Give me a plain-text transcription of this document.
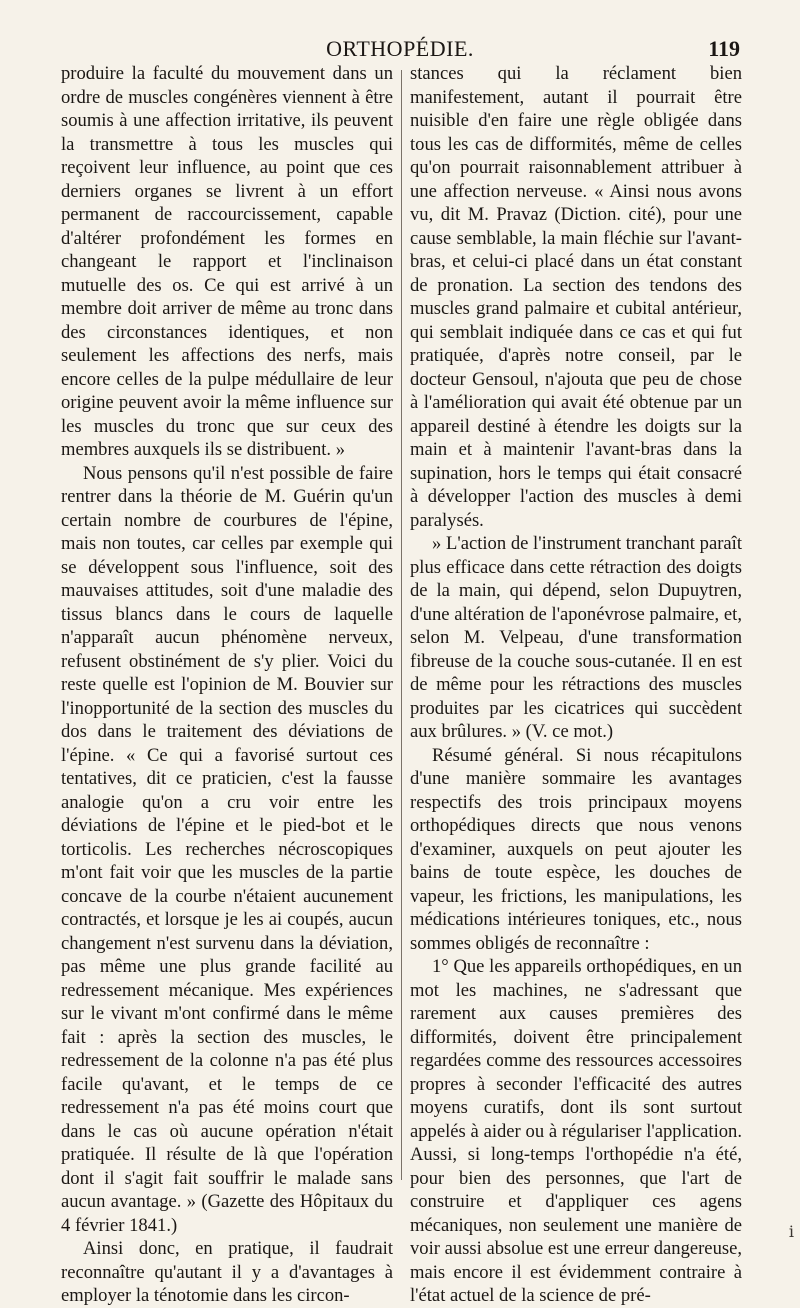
ORTHOPÉDIE.	119

produire la faculté du mouvement dans un ordre de muscles congénères viennent à être soumis à une affection irritative, ils peuvent la transmettre à tous les muscles qui reçoivent leur influence, au point que ces derniers organes se livrent à un effort permanent de raccourcissement, capable d'altérer profondément les formes en changeant le rapport et l'inclinaison mutuelle des os. Ce qui est arrivé à un membre doit arriver de même au tronc dans des circonstances identiques, et non seulement les affections des nerfs, mais encore celles de la pulpe médullaire de leur origine peuvent avoir la même influence sur les muscles du tronc que sur ceux des membres auxquels ils se distribuent. »

Nous pensons qu'il n'est possible de faire rentrer dans la théorie de M. Guérin qu'un certain nombre de courbures de l'épine, mais non toutes, car celles par exemple qui se développent sous l'influence, soit des mauvaises attitudes, soit d'une maladie des tissus blancs dans le cours de laquelle n'apparaît aucun phénomène nerveux, refusent obstinément de s'y plier. Voici du reste quelle est l'opinion de M. Bouvier sur l'inopportunité de la section des muscles du dos dans le traitement des déviations de l'épine. « Ce qui a favorisé surtout ces tentatives, dit ce praticien, c'est la fausse analogie qu'on a cru voir entre les déviations de l'épine et le pied-bot et le torticolis. Les recherches nécroscopiques m'ont fait voir que les muscles de la partie concave de la courbe n'étaient aucunement contractés, et lorsque je les ai coupés, aucun changement n'est survenu dans la déviation, pas même une plus grande facilité au redressement mécanique. Mes expériences sur le vivant m'ont confirmé dans le même fait : après la section des muscles, le redressement de la colonne n'a pas été plus facile qu'avant, et le temps de ce redressement n'a pas été moins court que dans le cas où aucune opération n'était pratiquée. Il résulte de là que l'opération dont il s'agit fait souffrir le malade sans aucun avantage. » (Gazette des Hôpitaux du 4 février 1841.)

Ainsi donc, en pratique, il faudrait reconnaître qu'autant il y a d'avantages à employer la ténotomie dans les circon-

stances qui la réclament bien manifestement, autant il pourrait être nuisible d'en faire une règle obligée dans tous les cas de difformités, même de celles qu'on pourrait raisonnablement attribuer à une affection nerveuse. « Ainsi nous avons vu, dit M. Pravaz (Diction. cité), pour une cause semblable, la main fléchie sur l'avant-bras, et celui-ci placé dans un état constant de pronation. La section des tendons des muscles grand palmaire et cubital antérieur, qui semblait indiquée dans ce cas et qui fut pratiquée, d'après notre conseil, par le docteur Gensoul, n'ajouta que peu de chose à l'amélioration qui avait été obtenue par un appareil destiné à étendre les doigts sur la main et à maintenir l'avant-bras dans la supination, hors le temps qui était consacré à développer l'action des muscles à demi paralysés.

» L'action de l'instrument tranchant paraît plus efficace dans cette rétraction des doigts de la main, qui dépend, selon Dupuytren, d'une altération de l'aponévrose palmaire, et, selon M. Velpeau, d'une transformation fibreuse de la couche sous-cutanée. Il en est de même pour les rétractions des muscles produites par les cicatrices qui succèdent aux brûlures. » (V. ce mot.)

Résumé général. Si nous récapitulons d'une manière sommaire les avantages respectifs des trois principaux moyens orthopédiques directs que nous venons d'examiner, auxquels on peut ajouter les bains de toute espèce, les douches de vapeur, les frictions, les manipulations, les médications intérieures toniques, etc., nous sommes obligés de reconnaître :

1° Que les appareils orthopédiques, en un mot les machines, ne s'adressant que rarement aux causes premières des difformités, doivent être principalement regardées comme des ressources accessoires propres à seconder l'efficacité des autres moyens curatifs, dont ils sont surtout appelés à aider ou à régulariser l'application. Aussi, si long-temps l'orthopédie n'a été, pour bien des personnes, que l'art de construire et d'appliquer ces agens mécaniques, non seulement une manière de voir aussi absolue est une erreur dangereuse, mais encore il est évidemment contraire à l'état actuel de la science de pré-

i
